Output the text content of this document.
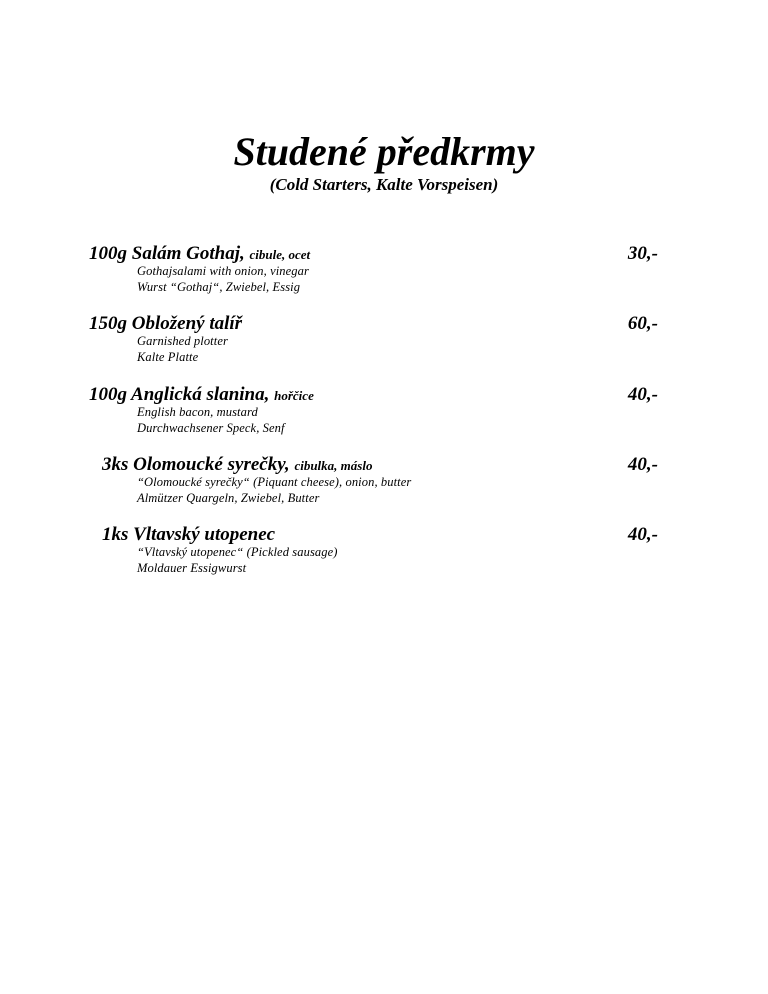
Studené předkrmy
(Cold Starters, Kalte Vorspeisen)
100g Salám Gothaj, cibule, ocet	30,-
Gothajsalami with onion, vinegar
Wurst “Gothaj“, Zwiebel, Essig
150g Obložený talíř	60,-
Garnished plotter
Kalte Platte
100g Anglická slanina, hořčice	40,-
English bacon, mustard
Durchwachsener Speck, Senf
3ks Olomoucké syrečky, cibulka, máslo	40,-
“Olomoucké syrečky“ (Piquant cheese), onion, butter
Almützer Quargeln, Zwiebel, Butter
1ks Vltavský utopenec	40,-
“Vltavský utopenec“ (Pickled sausage)
Moldauer Essigwurst
